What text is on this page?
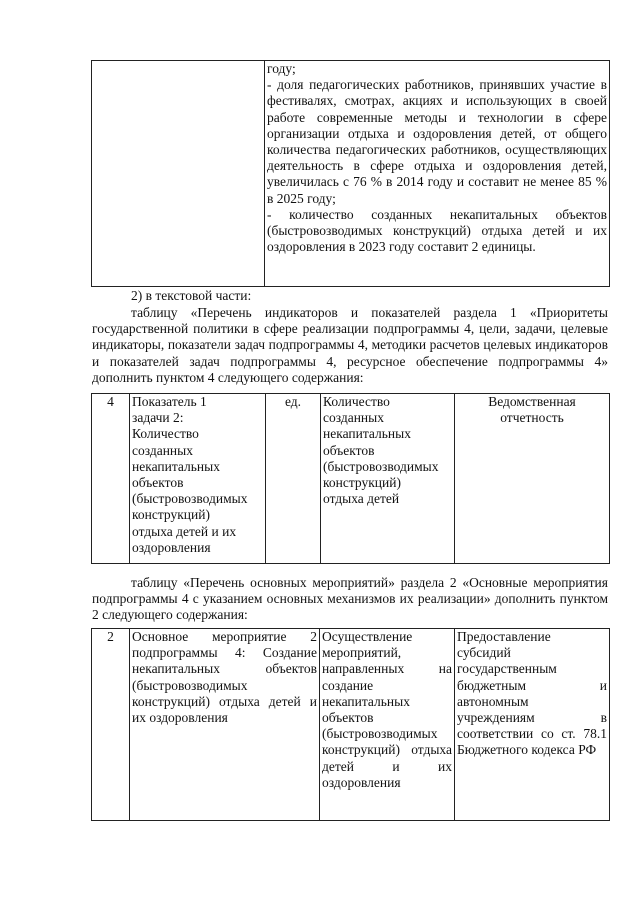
	году;
- доля педагогических работников, принявших участие в фестивалях, смотрах, акциях и использующих в своей работе современные методы и технологии в сфере организации отдыха и оздоровления детей, от общего количества педагогических работников, осуществляющих деятельность в сфере отдыха и оздоровления детей, увеличилась с 76 % в 2014 году и составит не менее 85 % в 2025 году;
- количество созданных некапитальных объектов (быстровозводимых конструкций) отдыха детей и их оздоровления в 2023 году составит 2 единицы.

2) в текстовой части:

таблицу «Перечень индикаторов и показателей раздела 1 «Приоритеты государственной политики в сфере реализации подпрограммы 4, цели, задачи, целевые индикаторы, показатели задач подпрограммы 4, методики расчетов целевых индикаторов и показателей задач подпрограммы 4, ресурсное обеспечение подпрограммы 4» дополнить пунктом 4 следующего содержания:

4	Показатель 1
задачи 2:
Количество
созданных
некапитальных
объектов
(быстровозводимых
конструкций)
отдыха детей и их
оздоровления	ед.	Количество
созданных
некапитальных
объектов
(быстровозводимых
конструкций)
отдыха детей	Ведомственная
отчетность

таблицу «Перечень основных мероприятий» раздела 2 «Основные мероприятия подпрограммы 4 с указанием основных механизмов их реализации» дополнить пунктом 2 следующего содержания:

2	Основное мероприятие 2 подпрограммы 4: Создание некапитальных объектов (быстровозводимых конструкций) отдыха детей и их оздоровления	Осуществление мероприятий, направленных на создание некапитальных объектов (быстровозводимых конструкций) отдыха детей и их оздоровления	Предоставление субсидий государственным бюджетным и автономным учреждениям в соответствии со ст. 78.1 Бюджетного кодекса РФ
